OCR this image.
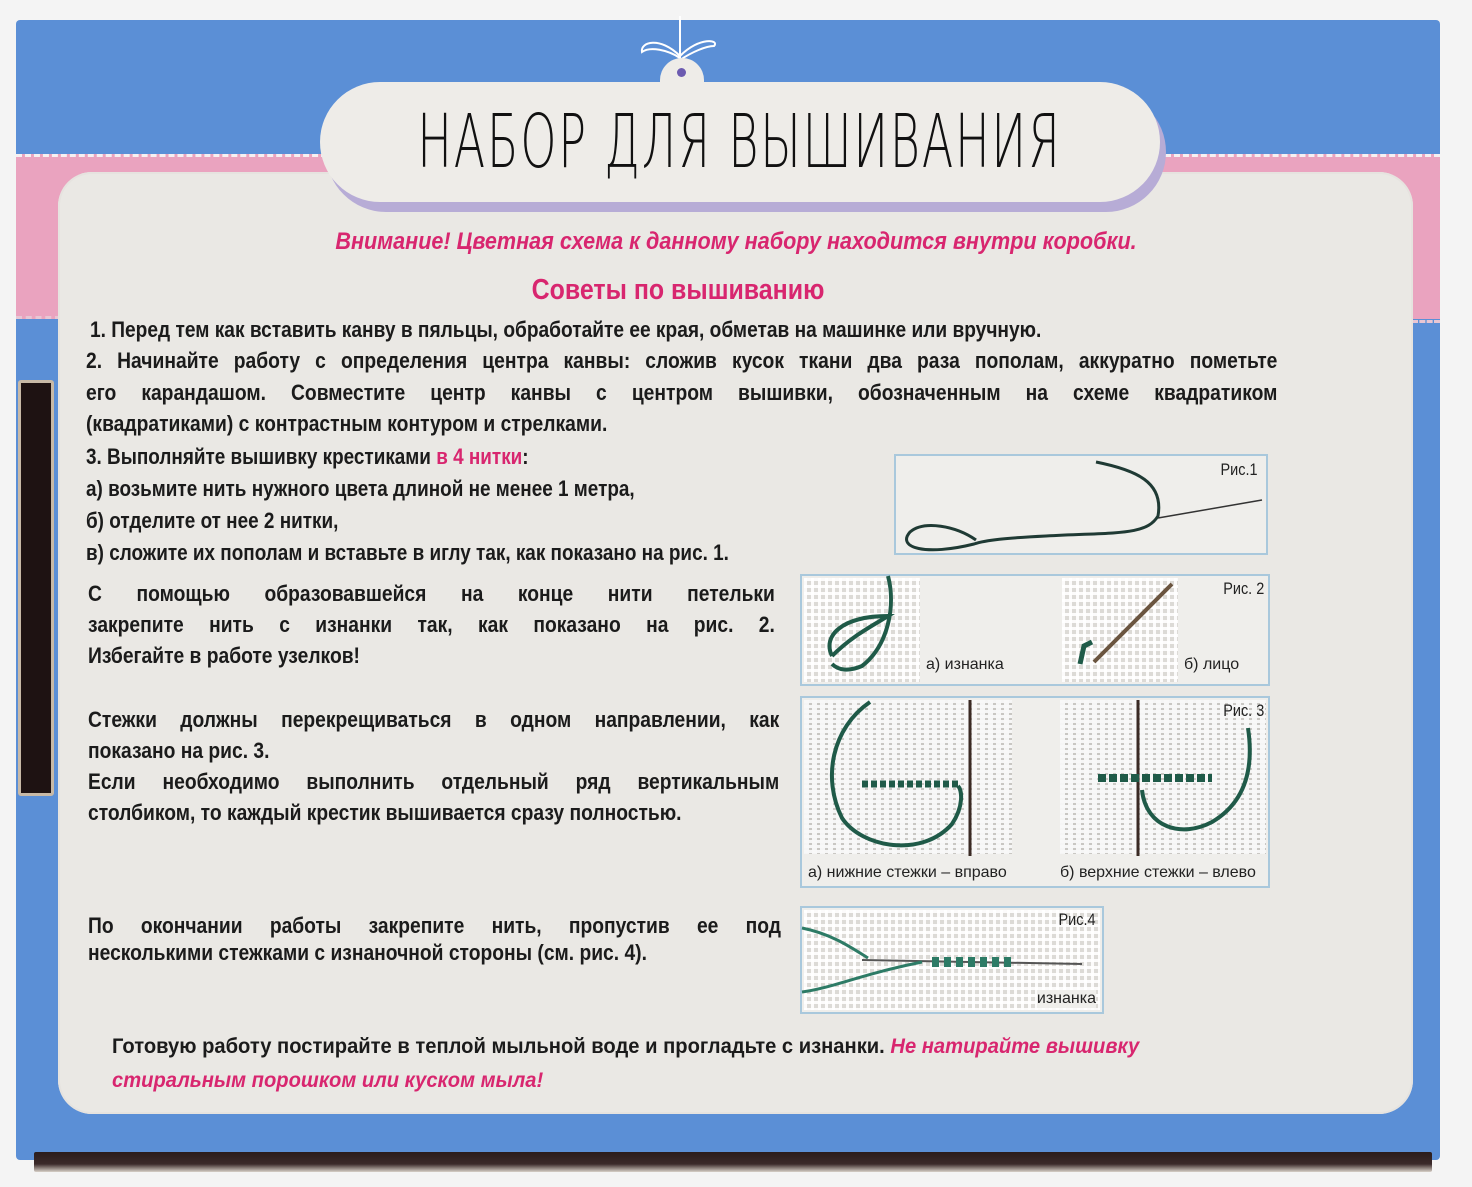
НАБОР ДЛЯ ВЫШИВАНИЯ
Внимание! Цветная схема к данному набору находится внутри коробки.
Советы по вышиванию
1. Перед тем как вставить канву в пяльцы, обработайте ее края, обметав на машинке или вручную.
2. Начинайте работу с определения центра канвы: сложив кусок ткани два раза пополам, аккуратно пометьте
его карандашом. Совместите центр канвы с центром вышивки, обозначенным на схеме квадратиком
(квадратиками) с контрастным контуром и стрелками.
3. Выполняйте вышивку крестиками в 4 нитки:
а) возьмите нить нужного цвета длиной не менее 1 метра,
б) отделите от нее 2 нитки,
в) сложите их пополам и вставьте в иглу так, как показано на рис. 1.
С помощью образовавшейся на конце нити петельки
закрепите нить с изнанки так, как показано на рис. 2.
Избегайте в работе узелков!
Стежки должны перекрещиваться в одном направлении, как
показано на рис. 3.
Если необходимо выполнить отдельный ряд вертикальным
столбиком, то каждый крестик вышивается сразу полностью.
По окончании работы закрепите нить, пропустив ее под
несколькими стежками с изнаночной стороны (см. рис. 4).
Рис.1
а) изнанка	б) лицо
Рис. 2
а) нижние стежки – вправо	б) верхние стежки – влево
Рис. 3
Рис.4
изнанка
Готовую работу постирайте в теплой мыльной воде и прогладьте с изнанки. Не натирайте вышивку стиральным порошком или куском мыла!
